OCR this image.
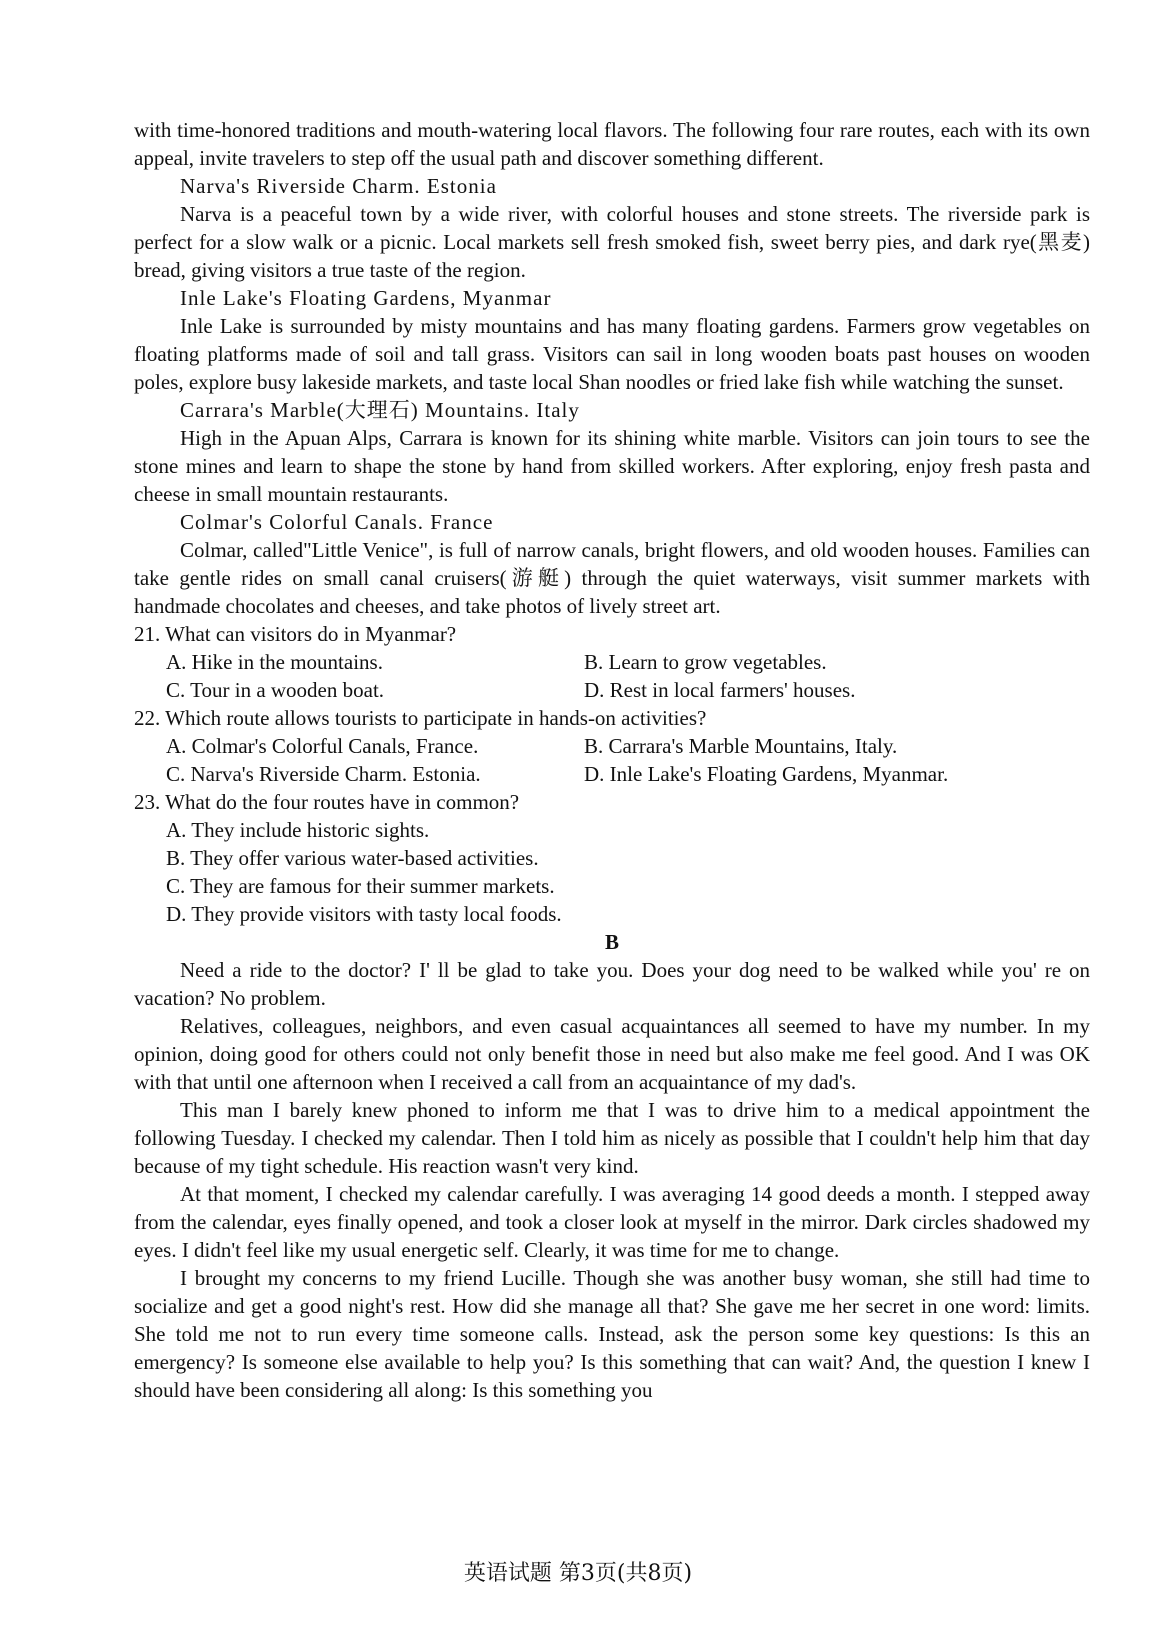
with time-honored traditions and mouth-watering local flavors. The following four rare routes, each with its own appeal, invite travelers to step off the usual path and discover something different.

Narva's Riverside Charm. Estonia

Narva is a peaceful town by a wide river, with colorful houses and stone streets. The riverside park is perfect for a slow walk or a picnic. Local markets sell fresh smoked fish, sweet berry pies, and dark rye(黑麦) bread, giving visitors a true taste of the region.

Inle Lake's Floating Gardens, Myanmar

Inle Lake is surrounded by misty mountains and has many floating gardens. Farmers grow vegetables on floating platforms made of soil and tall grass. Visitors can sail in long wooden boats past houses on wooden poles, explore busy lakeside markets, and taste local Shan noodles or fried lake fish while watching the sunset.

Carrara's Marble(大理石) Mountains. Italy

High in the Apuan Alps, Carrara is known for its shining white marble. Visitors can join tours to see the stone mines and learn to shape the stone by hand from skilled workers. After exploring, enjoy fresh pasta and cheese in small mountain restaurants.

Colmar's Colorful Canals. France

Colmar, called"Little Venice", is full of narrow canals, bright flowers, and old wooden houses. Families can take gentle rides on small canal cruisers(游艇) through the quiet waterways, visit summer markets with handmade chocolates and cheeses, and take photos of lively street art.

21. What can visitors do in Myanmar?

A. Hike in the mountains.	B. Learn to grow vegetables.
C. Tour in a wooden boat.	D. Rest in local farmers' houses.

22. Which route allows tourists to participate in hands-on activities?

A. Colmar's Colorful Canals, France.	B. Carrara's Marble Mountains, Italy.
C. Narva's Riverside Charm. Estonia.	D. Inle Lake's Floating Gardens, Myanmar.

23. What do the four routes have in common?

A. They include historic sights.
B. They offer various water-based activities.
C. They are famous for their summer markets.
D. They provide visitors with tasty local foods.

B

Need a ride to the doctor? I' ll be glad to take you. Does your dog need to be walked while you' re on vacation? No problem.

Relatives, colleagues, neighbors, and even casual acquaintances all seemed to have my number. In my opinion, doing good for others could not only benefit those in need but also make me feel good. And I was OK with that until one afternoon when I received a call from an acquaintance of my dad's.

This man I barely knew phoned to inform me that I was to drive him to a medical appointment the following Tuesday. I checked my calendar. Then I told him as nicely as possible that I couldn't help him that day because of my tight schedule. His reaction wasn't very kind.

At that moment, I checked my calendar carefully. I was averaging 14 good deeds a month. I stepped away from the calendar, eyes finally opened, and took a closer look at myself in the mirror. Dark circles shadowed my eyes. I didn't feel like my usual energetic self. Clearly, it was time for me to change.

I brought my concerns to my friend Lucille. Though she was another busy woman, she still had time to socialize and get a good night's rest. How did she manage all that? She gave me her secret in one word: limits. She told me not to run every time someone calls. Instead, ask the person some key questions: Is this an emergency? Is someone else available to help you? Is this something that can wait? And, the question I knew I should have been considering all along: Is this something you

英语试题 第3页(共8页)
